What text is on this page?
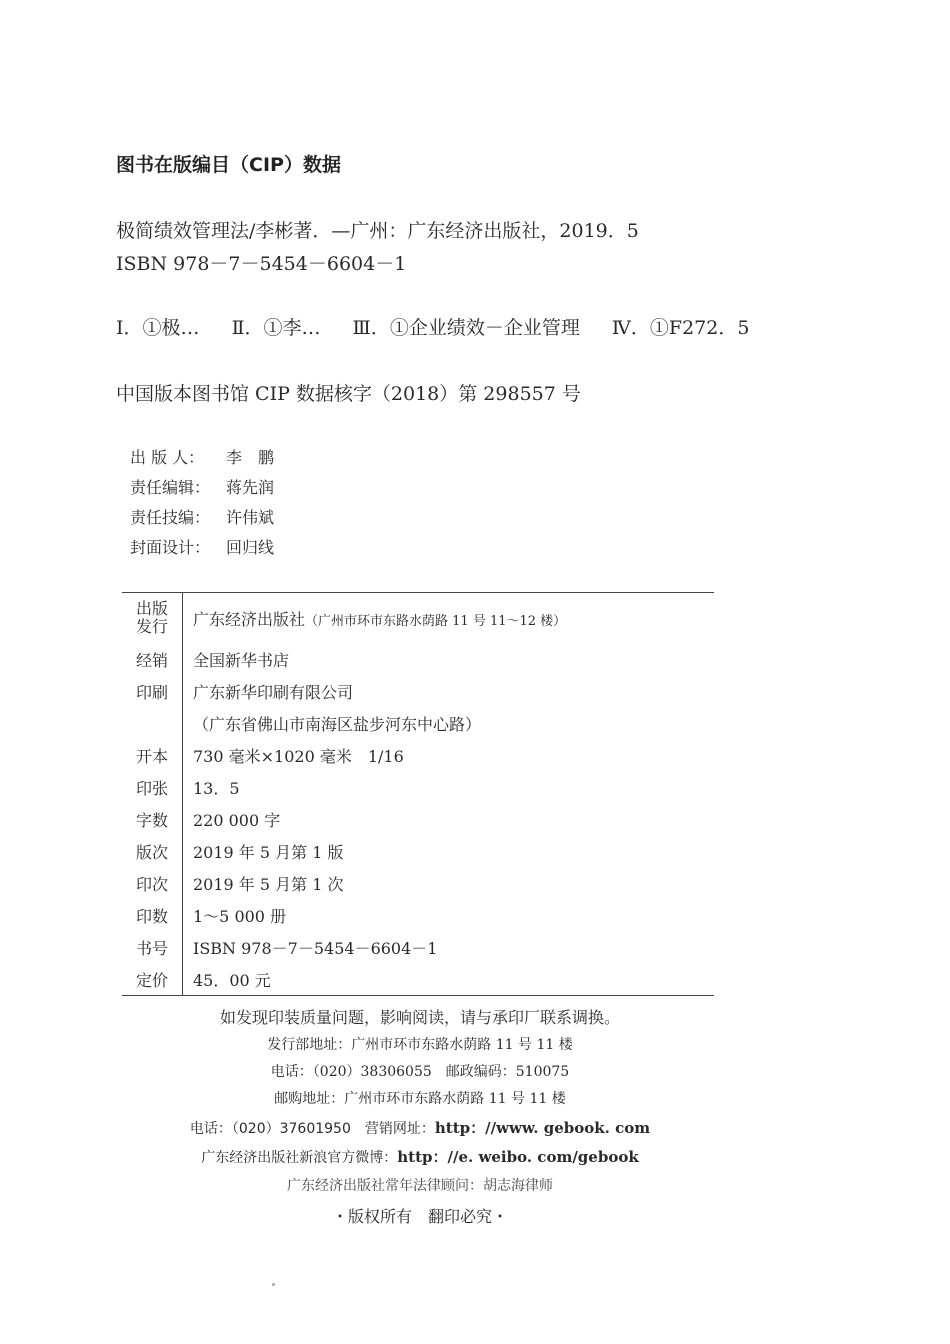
图书在版编目（CIP）数据
极简绩效管理法/李彬著．—广州：广东经济出版社，2019．5
ISBN 978－7－5454－6604－1
Ⅰ．①极… Ⅱ．①李… Ⅲ．①企业绩效－企业管理 Ⅳ．①F272．5
中国版本图书馆 CIP 数据核字（2018）第 298557 号
出 版 人：	李　鹏
责任编辑： 蒋先润
责任技编： 许伟斌
封面设计： 回归线
出版
发行	广东经济出版社（广州市环市东路水荫路 11 号 11～12 楼）
经销	全国新华书店
印刷	广东新华印刷有限公司
（广东省佛山市南海区盐步河东中心路）
开本	730 毫米×1020 毫米　1/16
印张	13．5
字数	220 000 字
版次	2019 年 5 月第 1 版
印次	2019 年 5 月第 1 次
印数	1～5 000 册
书号	ISBN 978－7－5454－6604－1
定价	45．00 元
如发现印装质量问题，影响阅读，请与承印厂联系调换。
发行部地址：广州市环市东路水荫路 11 号 11 楼
电话：（020）38306055　邮政编码：510075
邮购地址：广州市环市东路水荫路 11 号 11 楼
电话：（020）37601950　营销网址：http：//www. gebook. com
广东经济出版社新浪官方微博：http：//e. weibo. com/gebook
广东经济出版社常年法律顾问：胡志海律师
・版权所有　翻印必究・
